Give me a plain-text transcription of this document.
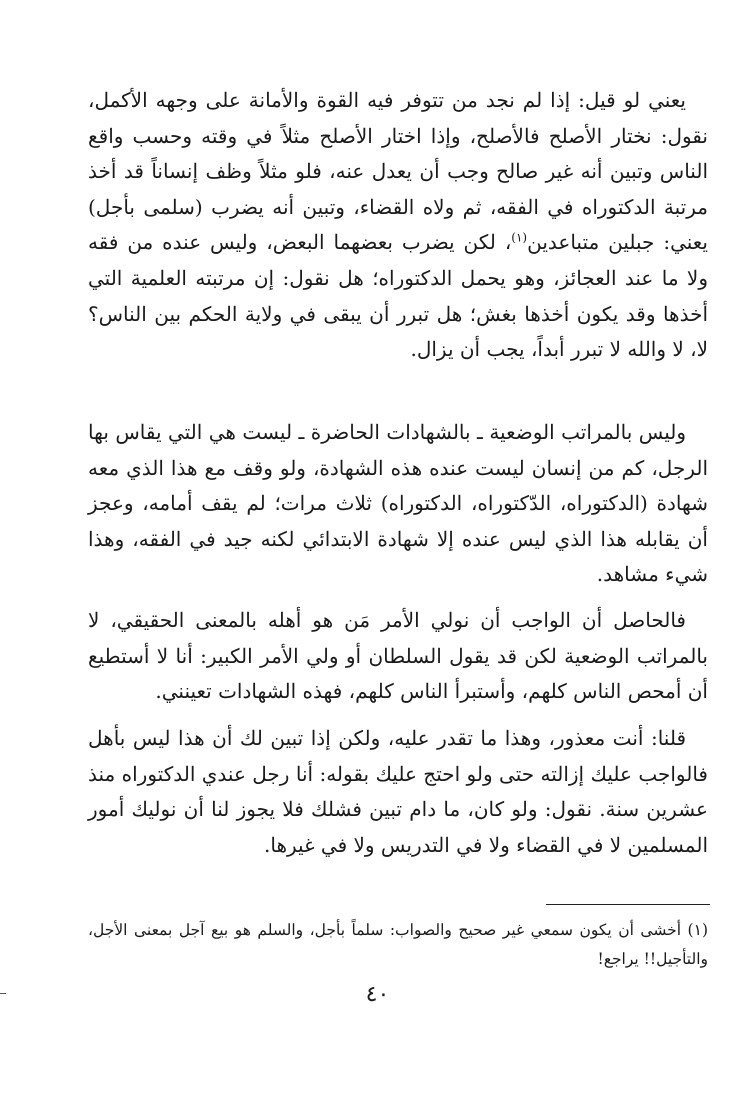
يعني لو قيل: إذا لم نجد من تتوفر فيه القوة والأمانة على وجهه الأكمل، نقول: نختار الأصلح فالأصلح، وإذا اختار الأصلح مثلاً في وقته وحسب واقع الناس وتبين أنه غير صالح وجب أن يعدل عنه، فلو مثلاً وظف إنساناً قد أخذ مرتبة الدكتوراه في الفقه، ثم ولاه القضاء، وتبين أنه يضرب (سلمى بأجل) يعني: جبلين متباعدين$^{(١)}$، لكن يضرب بعضهما البعض، وليس عنده من فقه ولا ما عند العجائز، وهو يحمل الدكتوراه؛ هل نقول: إن مرتبته العلمية التي أخذها وقد يكون أخذها بغش؛ هل تبرر أن يبقى في ولاية الحكم بين الناس؟ لا، لا والله لا تبرر أبداً، يجب أن يزال.

وليس بالمراتب الوضعية ـ بالشهادات الحاضرة ـ ليست هي التي يقاس بها الرجل، كم من إنسان ليست عنده هذه الشهادة، ولو وقف مع هذا الذي معه شهادة (الدكتوراه، الدّكتوراه، الدكتوراه) ثلاث مرات؛ لم يقف أمامه، وعجز أن يقابله هذا الذي ليس عنده إلا شهادة الابتدائي لكنه جيد في الفقه، وهذا شيء مشاهد.

فالحاصل أن الواجب أن نولي الأمر مَن هو أهله بالمعنى الحقيقي، لا بالمراتب الوضعية لكن قد يقول السلطان أو ولي الأمر الكبير: أنا لا أستطيع أن أمحص الناس كلهم، وأستبرأ الناس كلهم، فهذه الشهادات تعينني.

قلنا: أنت معذور، وهذا ما تقدر عليه، ولكن إذا تبين لك أن هذا ليس بأهل فالواجب عليك إزالته حتى ولو احتج عليك بقوله: أنا رجل عندي الدكتوراه منذ عشرين سنة. نقول: ولو كان، ما دام تبين فشلك فلا يجوز لنا أن نوليك أمور المسلمين لا في القضاء ولا في التدريس ولا في غيرها.

(١) أخشى أن يكون سمعي غير صحيح والصواب: سلماً بأجل، والسلم هو بيع آجل بمعنى الأجل، والتأجيل!! يراجع!

٤٠
